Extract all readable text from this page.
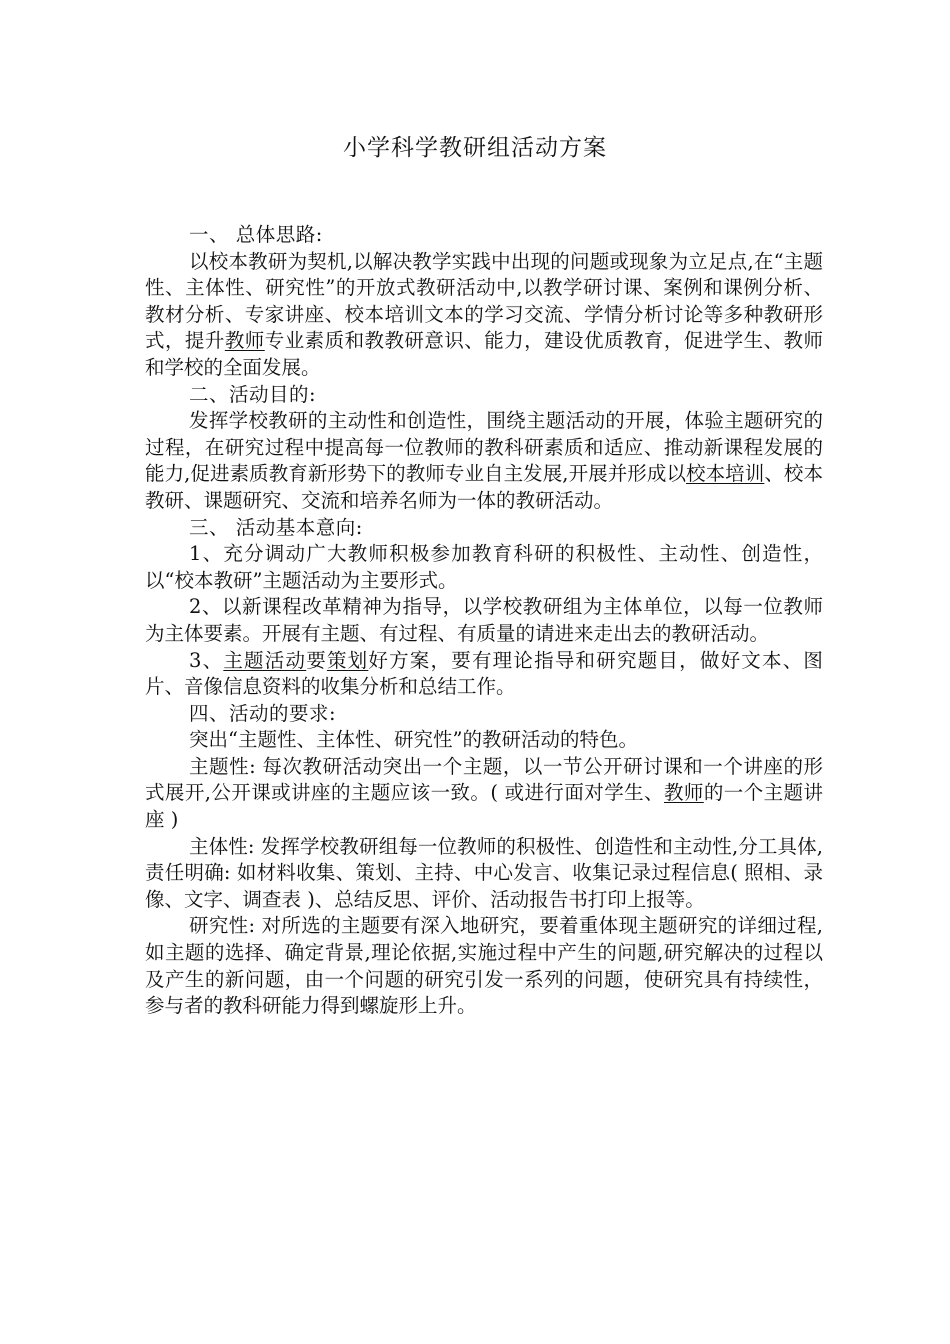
小学科学教研组活动方案

一、 总体思路:

以校本教研为契机,以解决教学实践中出现的问题或现象为立足点,在“主题性、主体性、研究性”的开放式教研活动中,以教学研讨课、案例和课例分析、教材分析、专家讲座、校本培训文本的学习交流、学情分析讨论等多种教研形式，提升教师专业素质和教教研意识、能力，建设优质教育，促进学生、教师和学校的全面发展。

二、活动目的:

发挥学校教研的主动性和创造性，围绕主题活动的开展，体验主题研究的过程，在研究过程中提高每一位教师的教科研素质和适应、推动新课程发展的能力,促进素质教育新形势下的教师专业自主发展,开展并形成以校本培训、校本教研、课题研究、交流和培养名师为一体的教研活动。

三、 活动基本意向:

1、充分调动广大教师积极参加教育科研的积极性、主动性、创造性，以“校本教研”主题活动为主要形式。

2、以新课程改革精神为指导，以学校教研组为主体单位，以每一位教师为主体要素。开展有主题、有过程、有质量的请进来走出去的教研活动。

3、主题活动要策划好方案，要有理论指导和研究题目，做好文本、图片、音像信息资料的收集分析和总结工作。

四、活动的要求:

突出“主题性、主体性、研究性”的教研活动的特色。

主题性: 每次教研活动突出一个主题，以一节公开研讨课和一个讲座的形式展开,公开课或讲座的主题应该一致。( 或进行面对学生、教师的一个主题讲座 )

主体性: 发挥学校教研组每一位教师的积极性、创造性和主动性,分工具体,责任明确: 如材料收集、策划、主持、中心发言、收集记录过程信息( 照相、录像、文字、调查表 )、总结反思、评价、活动报告书打印上报等。

研究性: 对所选的主题要有深入地研究，要着重体现主题研究的详细过程,如主题的选择、确定背景,理论依据,实施过程中产生的问题,研究解决的过程以及产生的新问题，由一个问题的研究引发一系列的问题，使研究具有持续性，参与者的教科研能力得到螺旋形上升。
